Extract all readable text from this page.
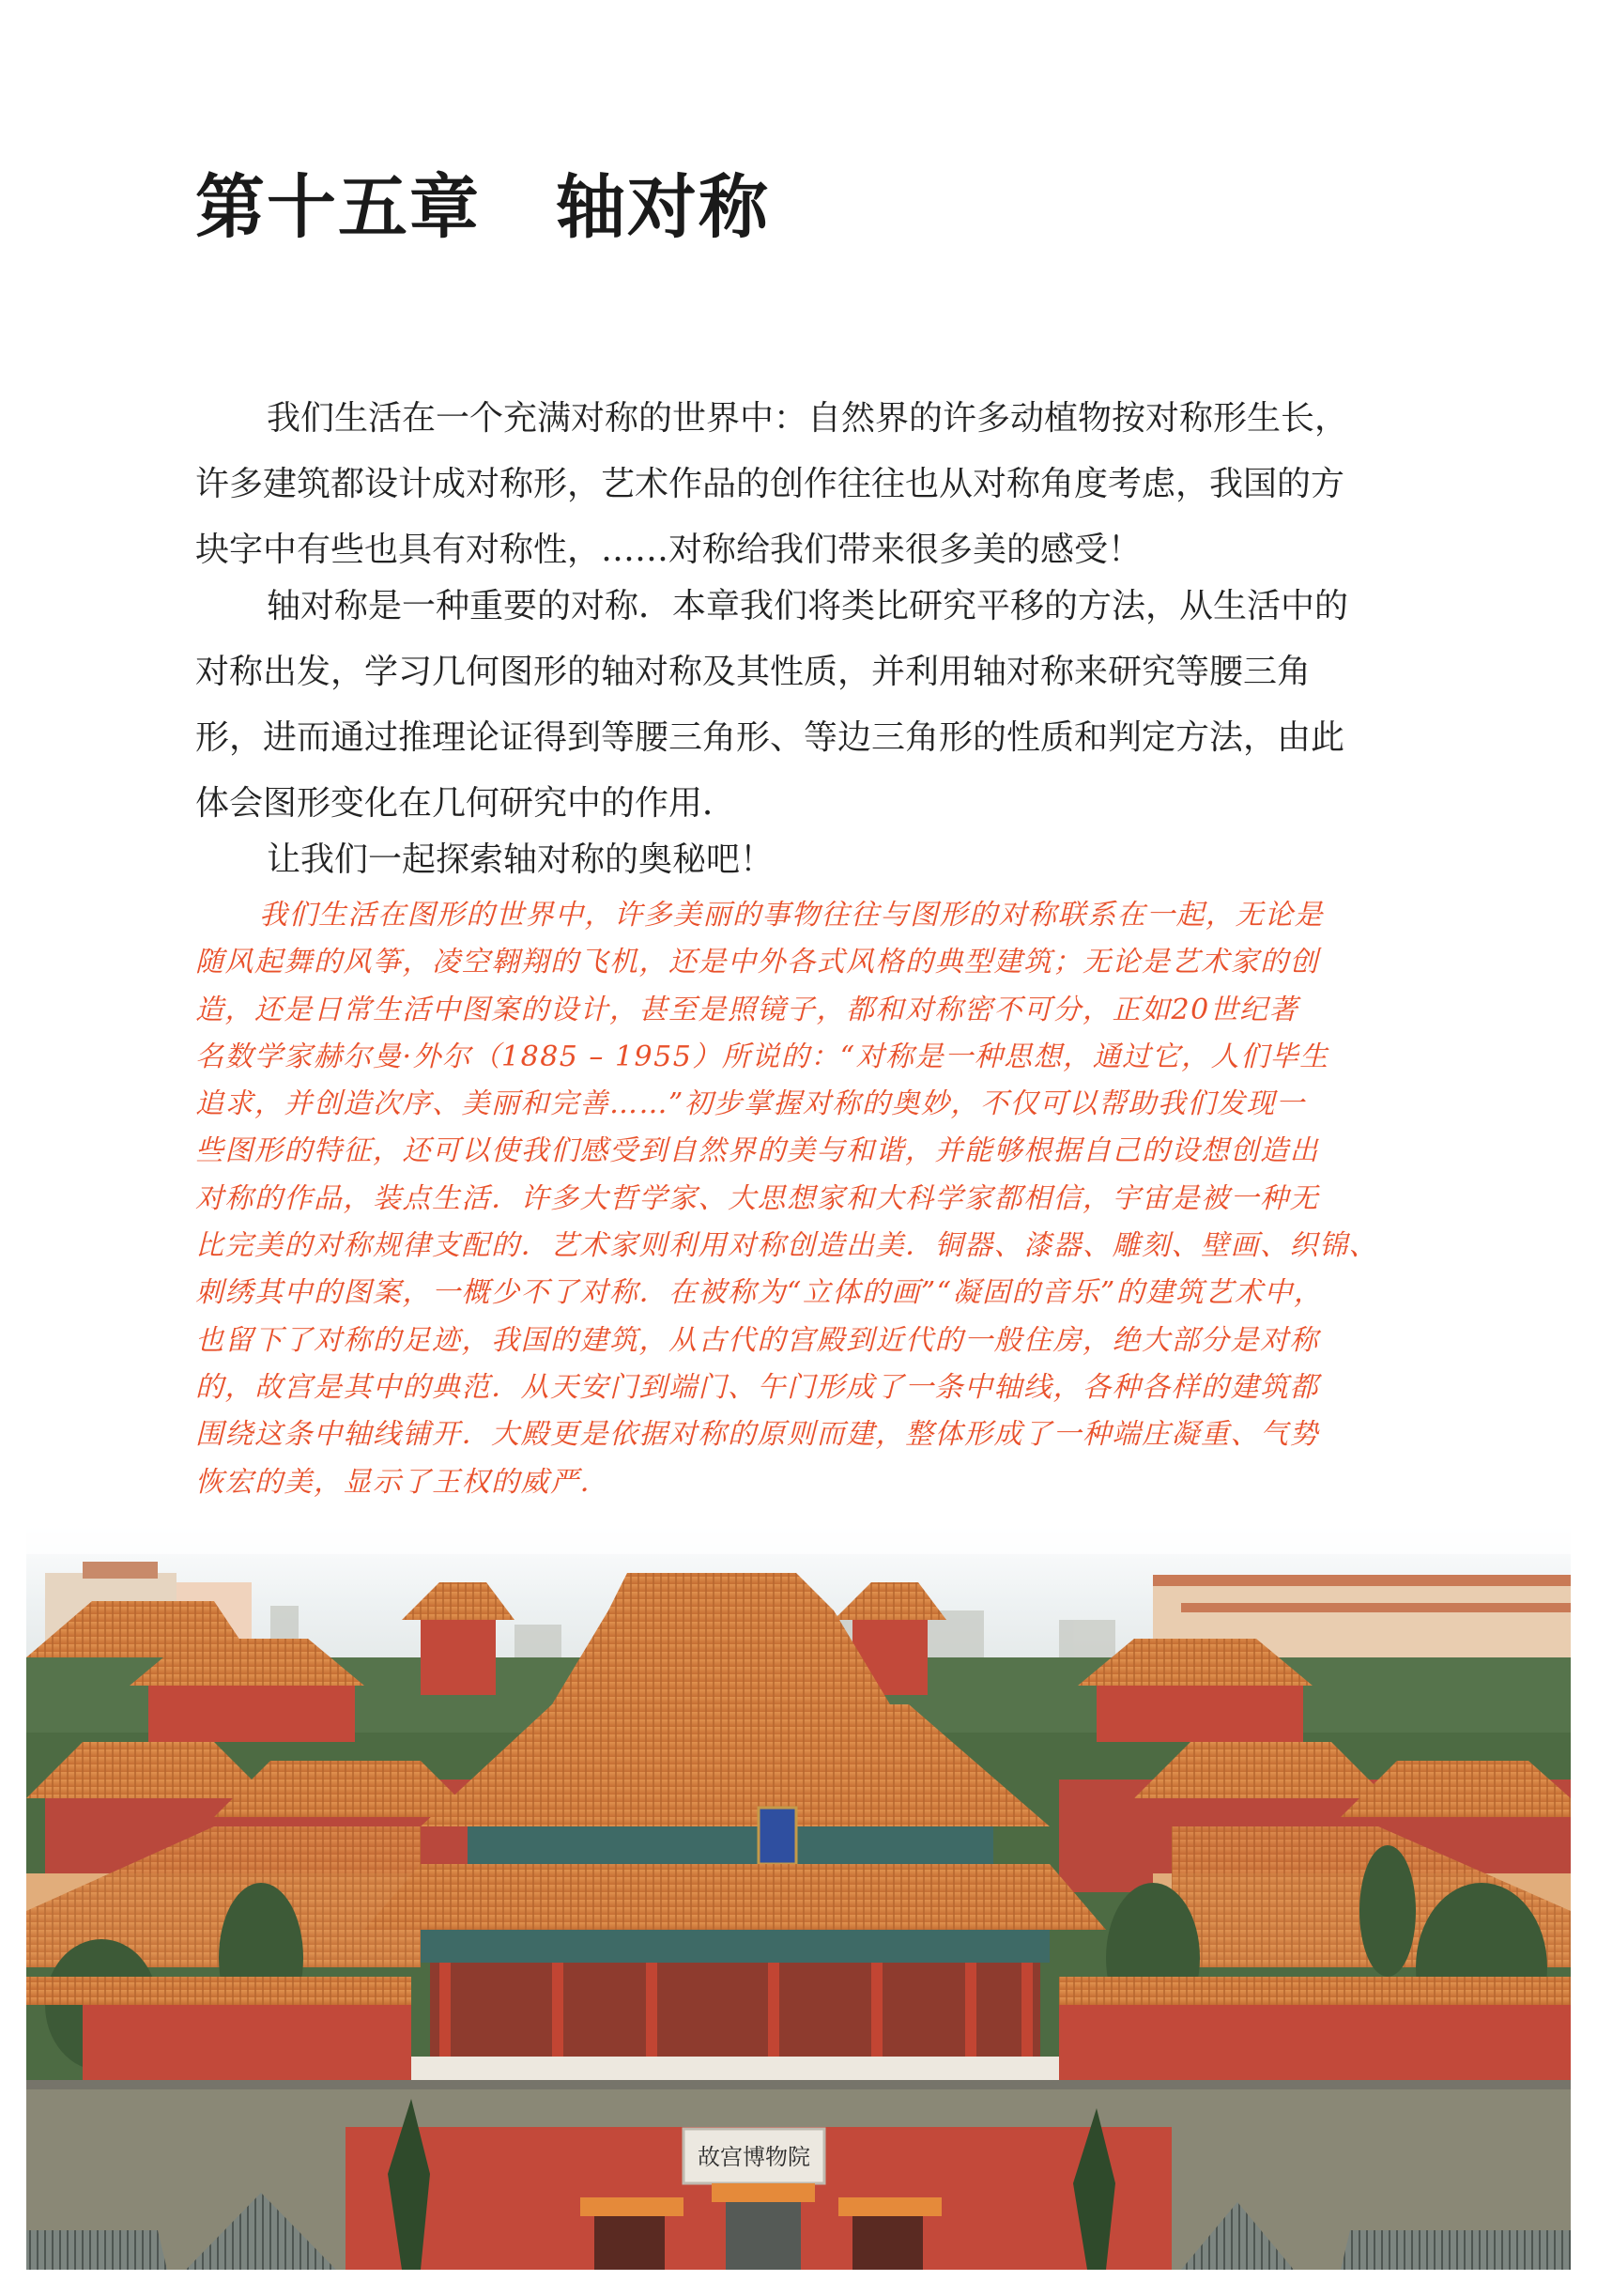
第十五章 轴对称
我们生活在一个充满对称的世界中：自然界的许多动植物按对称形生长，
许多建筑都设计成对称形，艺术作品的创作往往也从对称角度考虑，我国的方
块字中有些也具有对称性，……对称给我们带来很多美的感受！
轴对称是一种重要的对称．本章我们将类比研究平移的方法，从生活中的
对称出发，学习几何图形的轴对称及其性质，并利用轴对称来研究等腰三角
形，进而通过推理论证得到等腰三角形、等边三角形的性质和判定方法，由此
体会图形变化在几何研究中的作用．
让我们一起探索轴对称的奥秘吧！
我们生活在图形的世界中，许多美丽的事物往往与图形的对称联系在一起，无论是
随风起舞的风筝，凌空翱翔的飞机，还是中外各式风格的典型建筑；无论是艺术家的创
造，还是日常生活中图案的设计，甚至是照镜子，都和对称密不可分，正如20世纪著
名数学家赫尔曼·外尔（1885 – 1955）所说的：“对称是一种思想，通过它，人们毕生
追求，并创造次序、美丽和完善……”初步掌握对称的奥妙，不仅可以帮助我们发现一
些图形的特征，还可以使我们感受到自然界的美与和谐，并能够根据自己的设想创造出
对称的作品，装点生活．许多大哲学家、大思想家和大科学家都相信，宇宙是被一种无
比完美的对称规律支配的．艺术家则利用对称创造出美．铜器、漆器、雕刻、壁画、织锦、
刺绣其中的图案，一概少不了对称．在被称为“立体的画”“凝固的音乐”的建筑艺术中，
也留下了对称的足迹，我国的建筑，从古代的宫殿到近代的一般住房，绝大部分是对称
的，故宫是其中的典范．从天安门到端门、午门形成了一条中轴线，各种各样的建筑都
围绕这条中轴线铺开．大殿更是依据对称的原则而建，整体形成了一种端庄凝重、气势
恢宏的美，显示了王权的威严．
故宫博物院
